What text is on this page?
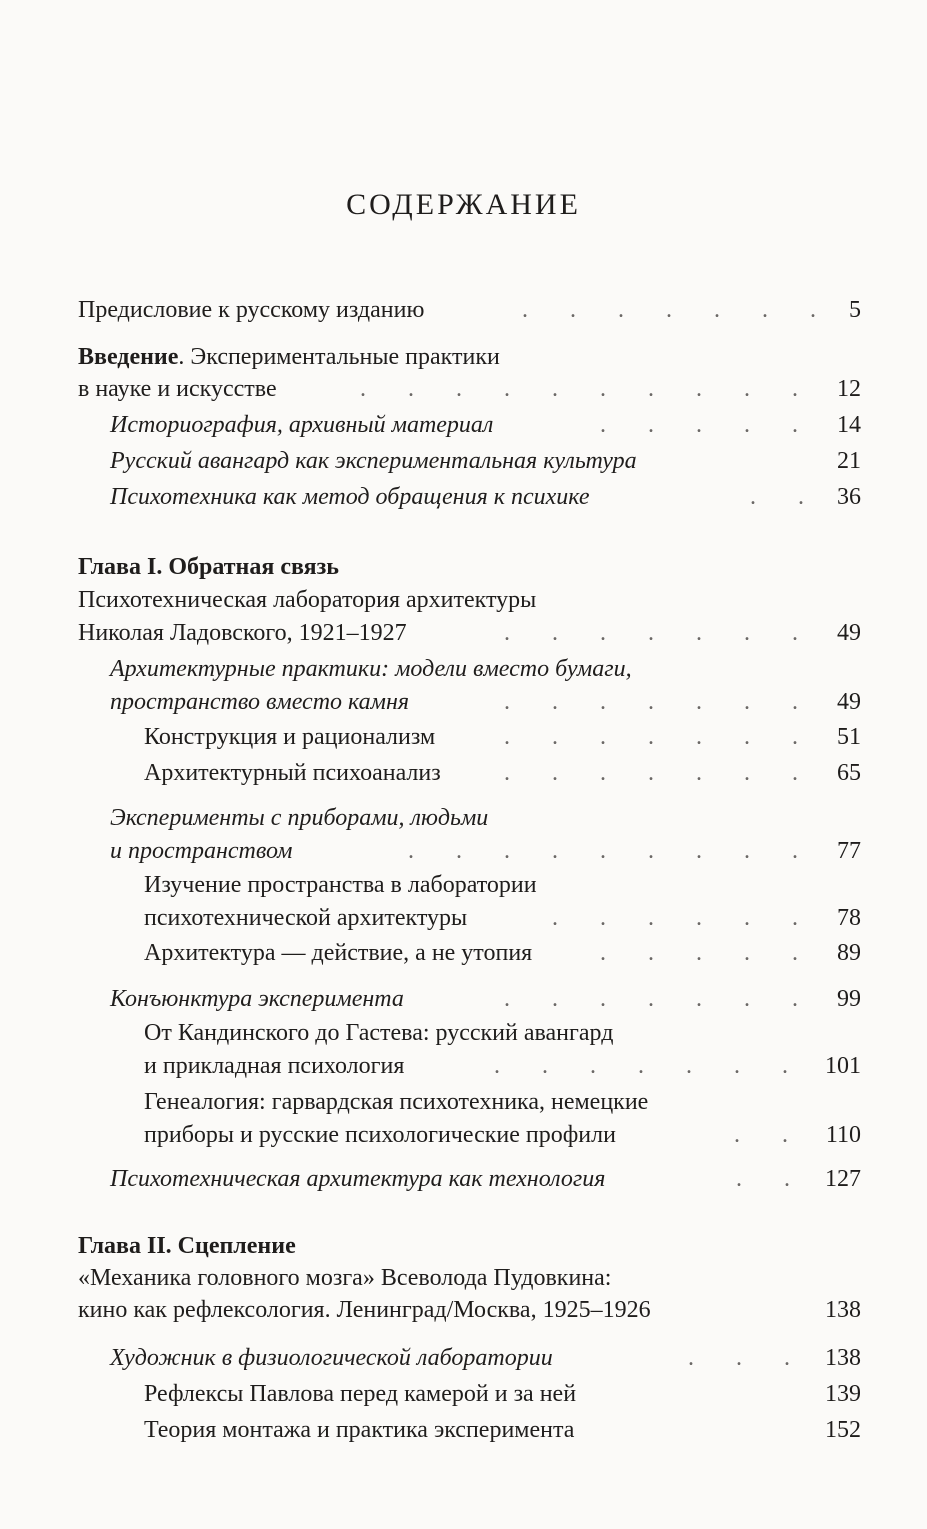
СОДЕРЖАНИЕ
Предисловие к русскому изданию	.       .       .       .       .       .       . 5
Введение. Экспериментальные практики
в науке и искусстве	.       .       .       .       .       .       .       .       .       . 12
Историография, архивный материал	.       .       .       .       . 14
Русский авангард как экспериментальная культура	21
Психотехника как метод обращения к психике	.       . 36
Глава I. Обратная связь
Психотехническая лаборатория архитектуры
Николая Ладовского, 1921–1927	.       .       .       .       .       .       . 49
Архитектурные практики: модели вместо бумаги,
пространство вместо камня	.       .       .       .       .       .       . 49
Конструкция и рационализм	.       .       .       .       .       .       . 51
Архитектурный психоанализ	.       .       .       .       .       .       . 65
Эксперименты с приборами, людьми
и пространством	.       .       .       .       .       .       .       .       . 77
Изучение пространства в лаборатории
психотехнической архитектуры	.       .       .       .       .       . 78
Архитектура — действие, а не утопия	.       .       .       .       . 89
Конъюнктура эксперимента	.       .       .       .       .       .       . 99
От Кандинского до Гастева: русский авангард
и прикладная психология	.       .       .       .       .       .       . 101
Генеалогия: гарвардская психотехника, немецкие
приборы и русские психологические профили	.       . 110
Психотехническая архитектура как технология	.       . 127
Глава II. Сцепление
«Механика головного мозга» Всеволода Пудовкина:
кино как рефлексология. Ленинград/Москва, 1925–1926	138
Художник в физиологической лаборатории	.       .       . 138
Рефлексы Павлова перед камерой и за ней	139
Теория монтажа и практика эксперимента	152
